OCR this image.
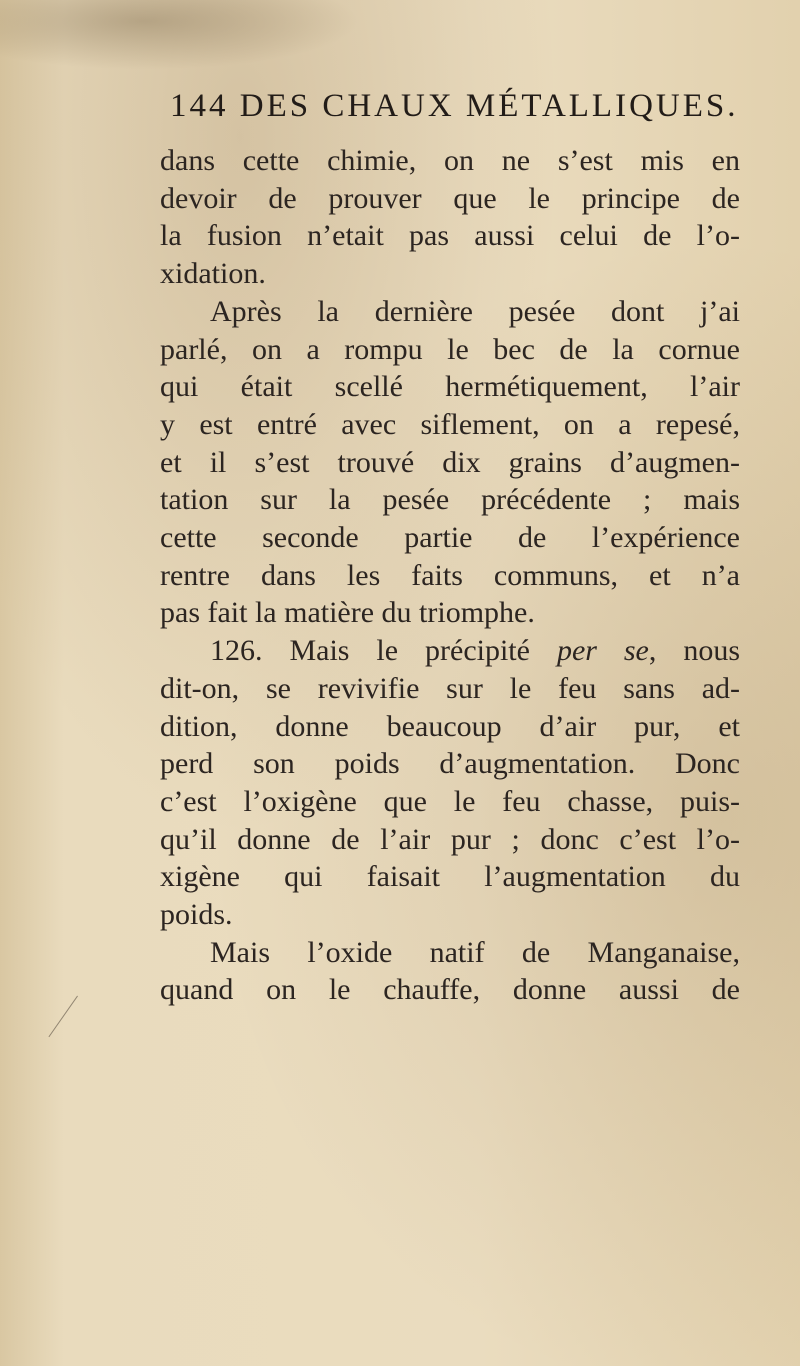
144 DES CHAUX MÉTALLIQUES.
dans cette chimie, on ne s’est mis en
devoir de prouver que le principe de
la fusion n’etait pas aussi celui de l’o-
xidation.
Après la dernière pesée dont j’ai
parlé, on a rompu le bec de la cornue
qui était scellé hermétiquement, l’air
y est entré avec siflement, on a repesé,
et il s’est trouvé dix grains d’augmen-
tation sur la pesée précédente ; mais
cette seconde partie de l’expérience
rentre dans les faits communs, et n’a
pas fait la matière du triomphe.
126. Mais le précipité per se, nous
dit-on, se revivifie sur le feu sans ad-
dition, donne beaucoup d’air pur, et
perd son poids d’augmentation. Donc
c’est l’oxigène que le feu chasse, puis-
qu’il donne de l’air pur ; donc c’est l’o-
xigène qui faisait l’augmentation du
poids.
Mais l’oxide natif de Manganaise,
quand on le chauffe, donne aussi de
